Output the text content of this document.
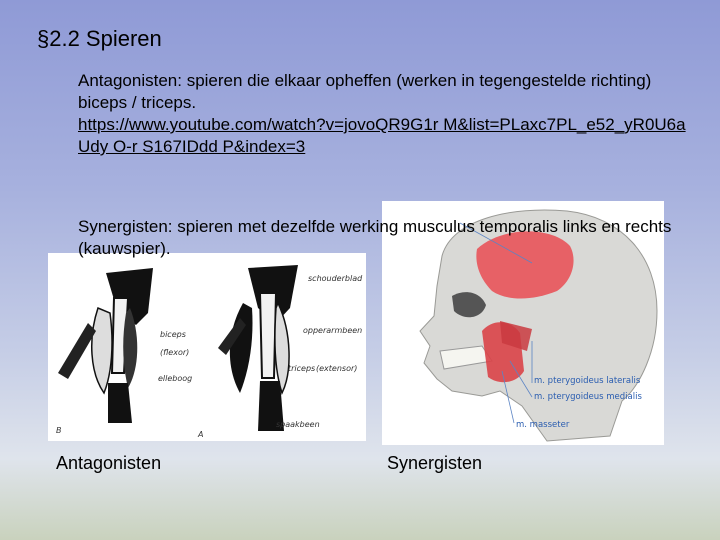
§2.2 Spieren
Antagonisten: spieren die elkaar opheffen (werken in tegengestelde richting) biceps / triceps.
https://www.youtube.com/watch?v=jovoQR9G1r M&list=PLaxc7PL_e52_yR0U6a Udy O-r S167IDdd P&index=3
Synergisten: spieren met dezelfde werking musculus temporalis links en rechts (kauwspier).
schouderblad
opperarmbeen
biceps
(flexor)
elleboog
triceps (extensor)
spaakbeen
B	A
m. pterygoideus lateralis
m. pterygoideus medialis
m. masseter
Antagonisten	Synergisten
